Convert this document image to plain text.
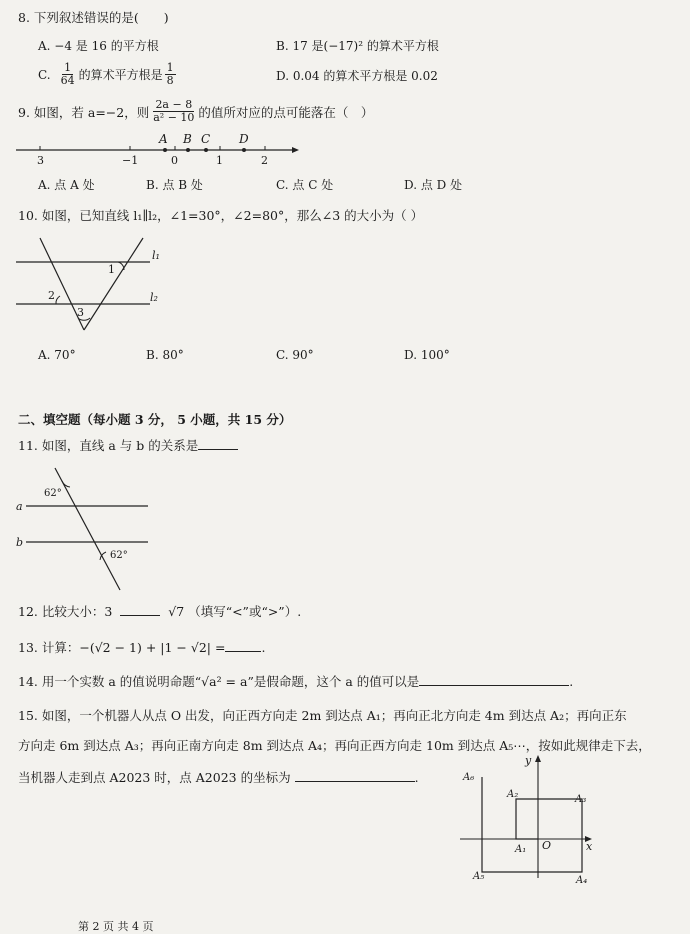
8. 下列叙述错误的是(　　)
A. −4 是 16 的平方根	B. 17 是(−17)² 的算术平方根
C. $\frac{1}{64}$ 的算术平方根是 $\frac{1}{8}$	D. 0.04 的算术平方根是 0.02
9. 如图，若 a=−2，则 $\frac{2a - 8}{\text{a² − 10}}$ 的值所对应的点可能落在（　）
A B C D
3	−1	0	1	2
A. 点 A 处	B. 点 B 处	C. 点 C 处	D. 点 D 处
10. 如图，已知直线 l₁∥l₂，∠1=30°，∠2=80°，那么∠3 的大小为（ ）
1
2
3
l₁
l₂
A. 70°	B. 80°	C. 90°	D. 100°
二、填空题（每小题 3 分， 5 小题，共 15 分）
11. 如图，直线 a 与 b 的关系是
62°
62°
a
b
12. 比较大小：3	√7 （填写“<”或“>”）.
13. 计算：−(√2 − 1) + |1 − √2| =	.
14. 用一个实数 a 的值说明命题“√a² = a”是假命题，这个 a 的值可以是	.
15. 如图，一个机器人从点 O 出发，向正西方向走 2m 到达点 A₁；再向正北方向走 4m 到达点 A₂；再向正东
方向走 6m 到达点 A₃；再向正南方向走 8m 到达点 A₄；再向正西方向走 10m 到达点 A₅⋯，按如此规律走下去，
当机器人走到点 A2023 时，点 A2023 的坐标为	.
x
y
O
A₁
A₂	A₃
A₄
A₅
A₆
第 2 页 共 4 页
